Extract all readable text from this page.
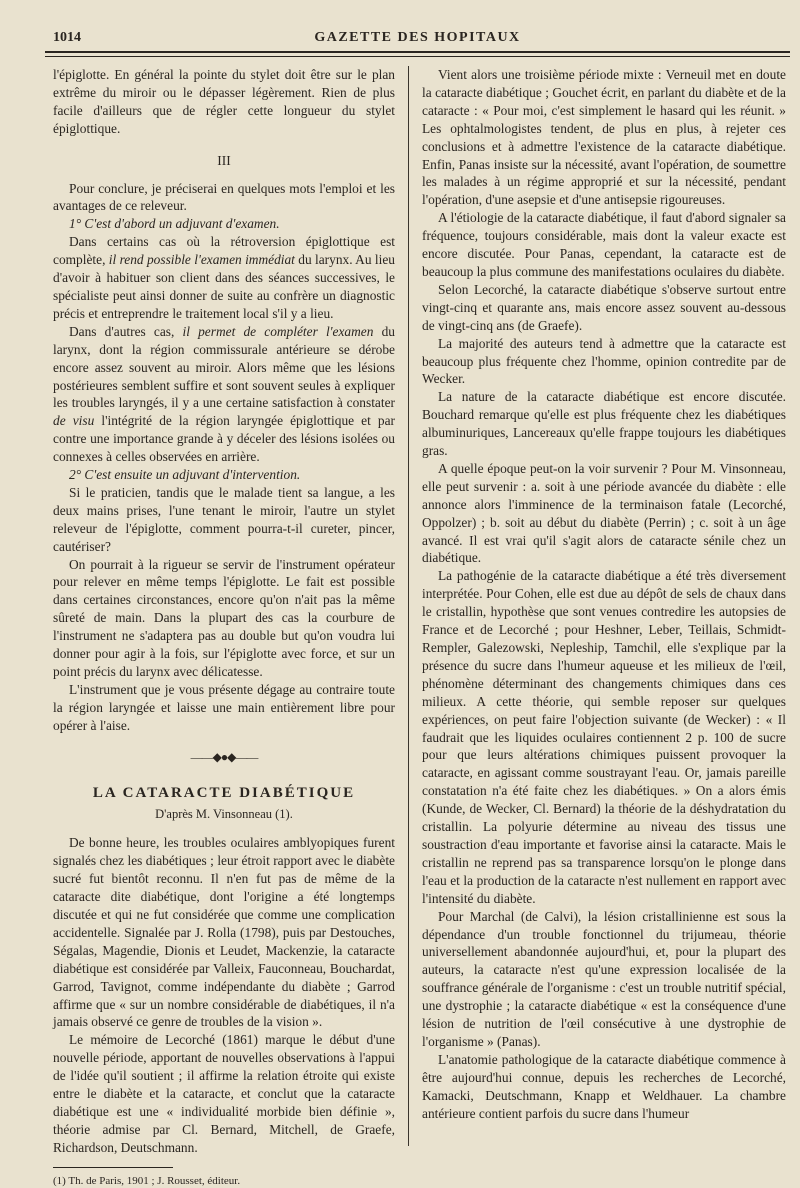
1014	GAZETTE DES HOPITAUX

l'épiglotte. En général la pointe du stylet doit être sur le plan extrême du miroir ou le dépasser légèrement. Rien de plus facile d'ailleurs que de régler cette longueur du stylet épiglottique.

III

Pour conclure, je préciserai en quelques mots l'emploi et les avantages de ce releveur.

1° C'est d'abord un adjuvant d'examen.

Dans certains cas où la rétroversion épiglottique est complète, il rend possible l'examen immédiat du larynx. Au lieu d'avoir à habituer son client dans des séances successives, le spécialiste peut ainsi donner de suite au confrère un diagnostic précis et entreprendre le traitement local s'il y a lieu.

Dans d'autres cas, il permet de compléter l'examen du larynx, dont la région commissurale antérieure se dérobe encore assez souvent au miroir. Alors même que les lésions postérieures semblent suffire et sont souvent seules à expliquer les troubles laryngés, il y a une certaine satisfaction à constater de visu l'intégrité de la région laryngée épiglottique et par contre une importance grande à y déceler des lésions isolées ou connexes à celles observées en arrière.

2° C'est ensuite un adjuvant d'intervention.

Si le praticien, tandis que le malade tient sa langue, a les deux mains prises, l'une tenant le miroir, l'autre un stylet releveur de l'épiglotte, comment pourra-t-il cureter, pincer, cautériser?

On pourrait à la rigueur se servir de l'instrument opérateur pour relever en même temps l'épiglotte. Le fait est possible dans certaines circonstances, encore qu'on n'ait pas la même sûreté de main. Dans la plupart des cas la courbure de l'instrument ne s'adaptera pas au double but qu'on voudra lui donner pour agir à la fois, sur l'épiglotte avec force, et sur un point précis du larynx avec délicatesse.

L'instrument que je vous présente dégage au contraire toute la région laryngée et laisse une main entièrement libre pour opérer à l'aise.

——◆●◆——
LA CATARACTE DIABÉTIQUE
D'après M. Vinsonneau (1).

De bonne heure, les troubles oculaires amblyopiques furent signalés chez les diabétiques ; leur étroit rapport avec le diabète sucré fut bientôt reconnu. Il n'en fut pas de même de la cataracte dite diabétique, dont l'origine a été longtemps discutée et qui ne fut considérée que comme une complication accidentelle. Signalée par J. Rolla (1798), puis par Destouches, Ségalas, Magendie, Dionis et Leudet, Mackenzie, la cataracte diabétique est considérée par Valleix, Fauconneau, Bouchardat, Garrod, Tavignot, comme indépendante du diabète ; Garrod affirme que « sur un nombre considérable de diabétiques, il n'a jamais observé ce genre de troubles de la vision ».

Le mémoire de Lecorché (1861) marque le début d'une nouvelle période, apportant de nouvelles observations à l'appui de l'idée qu'il soutient ; il affirme la relation étroite qui existe entre le diabète et la cataracte, et conclut que la cataracte diabétique est une « individualité morbide bien définie », théorie admise par Cl. Bernard, Mitchell, de Graefe, Richardson, Deutschmann.

(1) Th. de Paris, 1901 ; J. Rousset, éditeur.

Vient alors une troisième période mixte : Verneuil met en doute la cataracte diabétique ; Gouchet écrit, en parlant du diabète et de la cataracte : « Pour moi, c'est simplement le hasard qui les réunit. » Les ophtalmologistes tendent, de plus en plus, à rejeter ces conclusions et à admettre l'existence de la cataracte diabétique. Enfin, Panas insiste sur la nécessité, avant l'opération, de soumettre les malades à un régime approprié et sur la nécessité, pendant l'opération, d'une asepsie et d'une antisepsie rigoureuses.

A l'étiologie de la cataracte diabétique, il faut d'abord signaler sa fréquence, toujours considérable, mais dont la valeur exacte est encore discutée. Pour Panas, cependant, la cataracte est de beaucoup la plus commune des manifestations oculaires du diabète.

Selon Lecorché, la cataracte diabétique s'observe surtout entre vingt-cinq et quarante ans, mais encore assez souvent au-dessous de vingt-cinq ans (de Graefe).

La majorité des auteurs tend à admettre que la cataracte est beaucoup plus fréquente chez l'homme, opinion contredite par de Wecker.

La nature de la cataracte diabétique est encore discutée. Bouchard remarque qu'elle est plus fréquente chez les diabétiques albuminuriques, Lancereaux qu'elle frappe toujours les diabétiques gras.

A quelle époque peut-on la voir survenir ? Pour M. Vinsonneau, elle peut survenir : a. soit à une période avancée du diabète : elle annonce alors l'imminence de la terminaison fatale (Lecorché, Oppolzer) ; b. soit au début du diabète (Perrin) ; c. soit à un âge avancé. Il est vrai qu'il s'agit alors de cataracte sénile chez un diabétique.

La pathogénie de la cataracte diabétique a été très diversement interprétée. Pour Cohen, elle est due au dépôt de sels de chaux dans le cristallin, hypothèse que sont venues contredire les autopsies de France et de Lecorché ; pour Heshner, Leber, Teillais, Schmidt-Rempler, Galezowski, Nepleship, Tamchil, elle s'explique par la présence du sucre dans l'humeur aqueuse et les milieux de l'œil, phénomène déterminant des changements chimiques dans ces milieux. A cette théorie, qui semble reposer sur quelques expériences, on peut faire l'objection suivante (de Wecker) : « Il faudrait que les liquides oculaires contiennent 2 p. 100 de sucre pour que leurs altérations chimiques puissent provoquer la cataracte, en agissant comme soustrayant l'eau. Or, jamais pareille constatation n'a été faite chez les diabétiques. » On a alors émis (Kunde, de Wecker, Cl. Bernard) la théorie de la déshydratation du cristallin. La polyurie détermine au niveau des tissus une soustraction d'eau importante et favorise ainsi la cataracte. Mais le cristallin ne reprend pas sa transparence lorsqu'on le plonge dans l'eau et la production de la cataracte n'est nullement en rapport avec l'intensité du diabète.

Pour Marchal (de Calvi), la lésion cristallinienne est sous la dépendance d'un trouble fonctionnel du trijumeau, théorie universellement abandonnée aujourd'hui, et, pour la plupart des auteurs, la cataracte n'est qu'une expression localisée de la souffrance générale de l'organisme : c'est un trouble nutritif spécial, une dystrophie ; la cataracte diabétique « est la conséquence d'une lésion de nutrition de l'œil consécutive à une dystrophie de l'organisme » (Panas).

L'anatomie pathologique de la cataracte diabétique commence à être aujourd'hui connue, depuis les recherches de Lecorché, Kamacki, Deutschmann, Knapp et Weldhauer. La chambre antérieure contient parfois du sucre dans l'humeur
